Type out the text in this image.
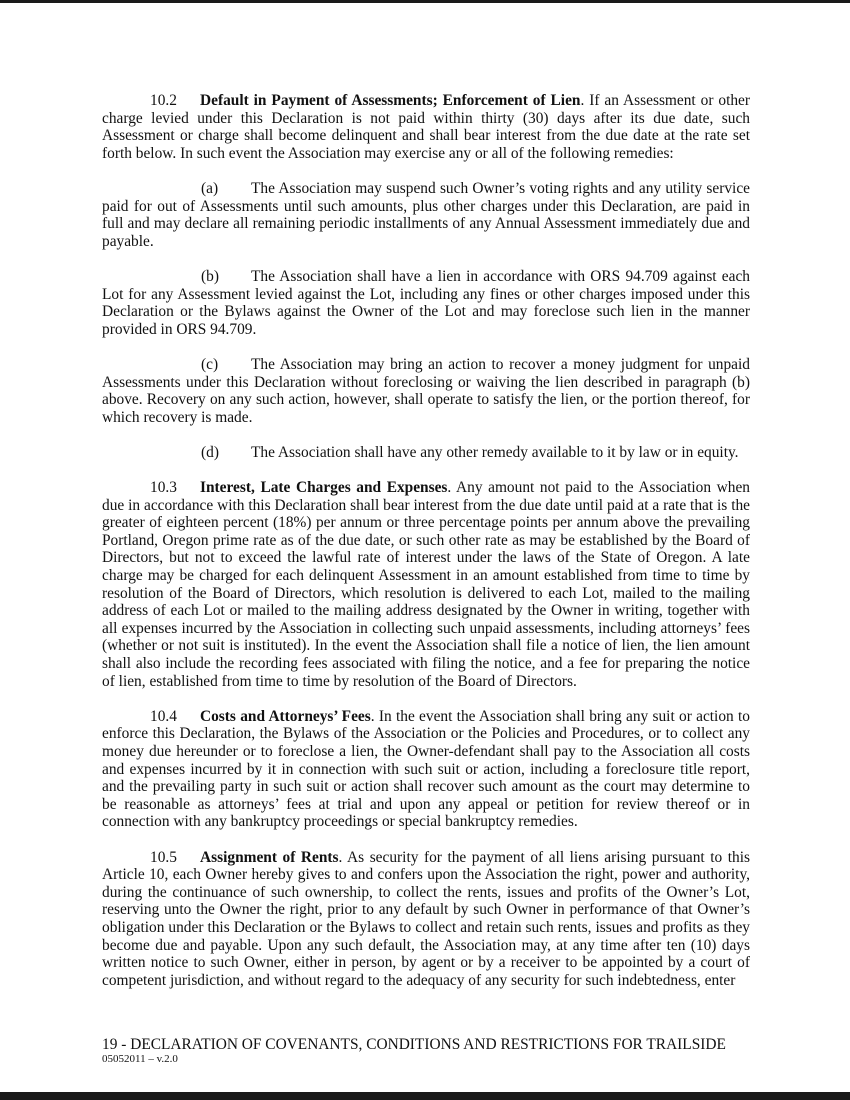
10.2 Default in Payment of Assessments; Enforcement of Lien. If an Assessment or other charge levied under this Declaration is not paid within thirty (30) days after its due date, such Assessment or charge shall become delinquent and shall bear interest from the due date at the rate set forth below. In such event the Association may exercise any or all of the following remedies:

(a) The Association may suspend such Owner’s voting rights and any utility service paid for out of Assessments until such amounts, plus other charges under this Declaration, are paid in full and may declare all remaining periodic installments of any Annual Assessment immediately due and payable.

(b) The Association shall have a lien in accordance with ORS 94.709 against each Lot for any Assessment levied against the Lot, including any fines or other charges imposed under this Declaration or the Bylaws against the Owner of the Lot and may foreclose such lien in the manner provided in ORS 94.709.

(c) The Association may bring an action to recover a money judgment for unpaid Assessments under this Declaration without foreclosing or waiving the lien described in paragraph (b) above. Recovery on any such action, however, shall operate to satisfy the lien, or the portion thereof, for which recovery is made.

(d) The Association shall have any other remedy available to it by law or in equity.

10.3 Interest, Late Charges and Expenses. Any amount not paid to the Association when due in accordance with this Declaration shall bear interest from the due date until paid at a rate that is the greater of eighteen percent (18%) per annum or three percentage points per annum above the prevailing Portland, Oregon prime rate as of the due date, or such other rate as may be established by the Board of Directors, but not to exceed the lawful rate of interest under the laws of the State of Oregon. A late charge may be charged for each delinquent Assessment in an amount established from time to time by resolution of the Board of Directors, which resolution is delivered to each Lot, mailed to the mailing address of each Lot or mailed to the mailing address designated by the Owner in writing, together with all expenses incurred by the Association in collecting such unpaid assessments, including attorneys’ fees (whether or not suit is instituted). In the event the Association shall file a notice of lien, the lien amount shall also include the recording fees associated with filing the notice, and a fee for preparing the notice of lien, established from time to time by resolution of the Board of Directors.

10.4 Costs and Attorneys’ Fees. In the event the Association shall bring any suit or action to enforce this Declaration, the Bylaws of the Association or the Policies and Procedures, or to collect any money due hereunder or to foreclose a lien, the Owner-defendant shall pay to the Association all costs and expenses incurred by it in connection with such suit or action, including a foreclosure title report, and the prevailing party in such suit or action shall recover such amount as the court may determine to be reasonable as attorneys’ fees at trial and upon any appeal or petition for review thereof or in connection with any bankruptcy proceedings or special bankruptcy remedies.

10.5 Assignment of Rents. As security for the payment of all liens arising pursuant to this Article 10, each Owner hereby gives to and confers upon the Association the right, power and authority, during the continuance of such ownership, to collect the rents, issues and profits of the Owner’s Lot, reserving unto the Owner the right, prior to any default by such Owner in performance of that Owner’s obligation under this Declaration or the Bylaws to collect and retain such rents, issues and profits as they become due and payable. Upon any such default, the Association may, at any time after ten (10) days written notice to such Owner, either in person, by agent or by a receiver to be appointed by a court of competent jurisdiction, and without regard to the adequacy of any security for such indebtedness, enter

19 - DECLARATION OF COVENANTS, CONDITIONS AND RESTRICTIONS FOR TRAILSIDE
05052011 – v.2.0
